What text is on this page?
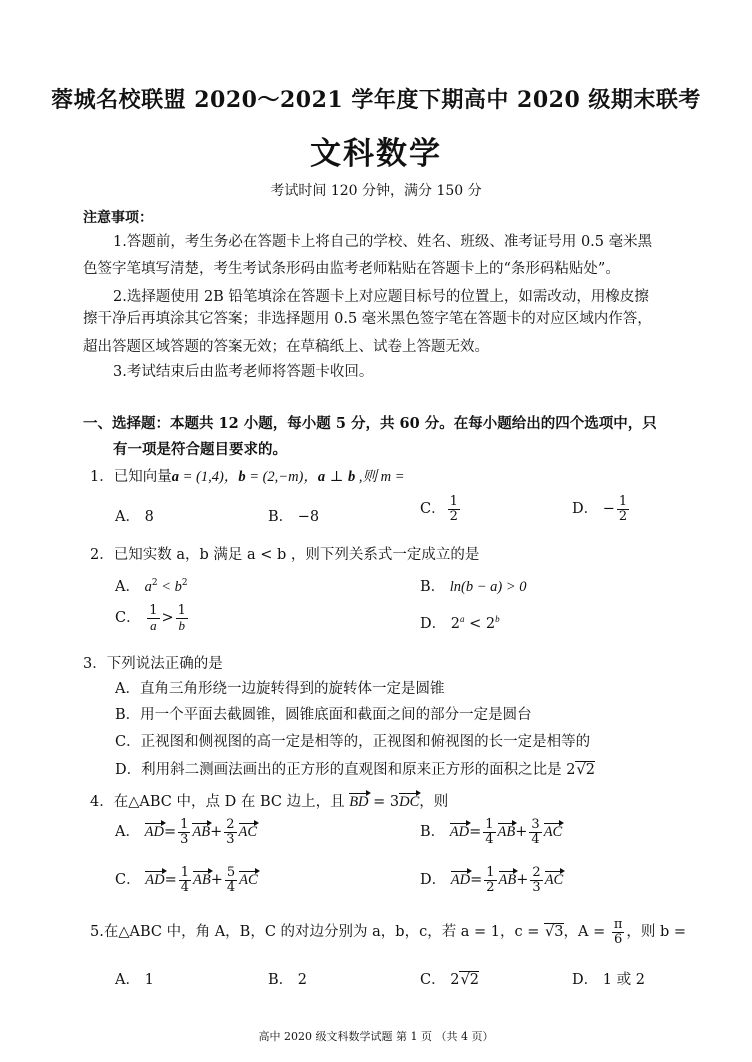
蓉城名校联盟 2020～2021 学年度下期高中 2020 级期末联考
文科数学
考试时间 120 分钟，满分 150 分
注意事项：
1.答题前，考生务必在答题卡上将自己的学校、姓名、班级、准考证号用 0.5 毫米黑
色签字笔填写清楚，考生考试条形码由监考老师粘贴在答题卡上的“条形码粘贴处”。
2.选择题使用 2B 铅笔填涂在答题卡上对应题目标号的位置上，如需改动，用橡皮擦
擦干净后再填涂其它答案；非选择题用 0.5 毫米黑色签字笔在答题卡的对应区域内作答，
超出答题区域答题的答案无效；在草稿纸上、试卷上答题无效。
3.考试结束后由监考老师将答题卡收回。
一、选择题：本题共 12 小题，每小题 5 分，共 60 分。在每小题给出的四个选项中，只
有一项是符合题目要求的。
1．已知向量a = (1,4)，b = (2,−m)，a ⊥ b ,则 m =
A． 8	B． −8	C． $\frac{1}{2}$	D． − $\frac{1}{2}$
2．已知实数 a，b 满足 a < b ，则下列关系式一定成立的是
A． $a^2 < b^2$	B． ln(b − a) > 0
C． $\frac{1}{a} > \frac{1}{b}$	D． $2^a < 2^b$
3．下列说法正确的是
A．直角三角形绕一边旋转得到的旋转体一定是圆锥
B．用一个平面去截圆锥，圆锥底面和截面之间的部分一定是圆台
C．正视图和侧视图的高一定是相等的，正视图和俯视图的长一定是相等的
D．利用斜二测画法画出的正方形的直观图和原来正方形的面积之比是 2√2
4．在△ABC 中，点 D 在 BC 边上，且 BD = 3DC，则
A． $AD= \frac{1}{3} AB+ \frac{2}{3}$ AC	B． $AD= \frac{1}{4} AB+ \frac{3}{4}$ AC
C． $AD= \frac{1}{4} AB+ \frac{5}{4}$ AC	D． $AD= \frac{1}{2} AB+ \frac{2}{3}$ AC
5.在△ABC 中，角 A，B，C 的对边分别为 a，b，c，若 a = 1，c = √3，$A = \frac{\pi}{6}$ ，则 b =
A． 1	B． 2	C． 2√2	D． 1 或 2
高中 2020 级文科数学试题 第 1 页 （共 4 页）
